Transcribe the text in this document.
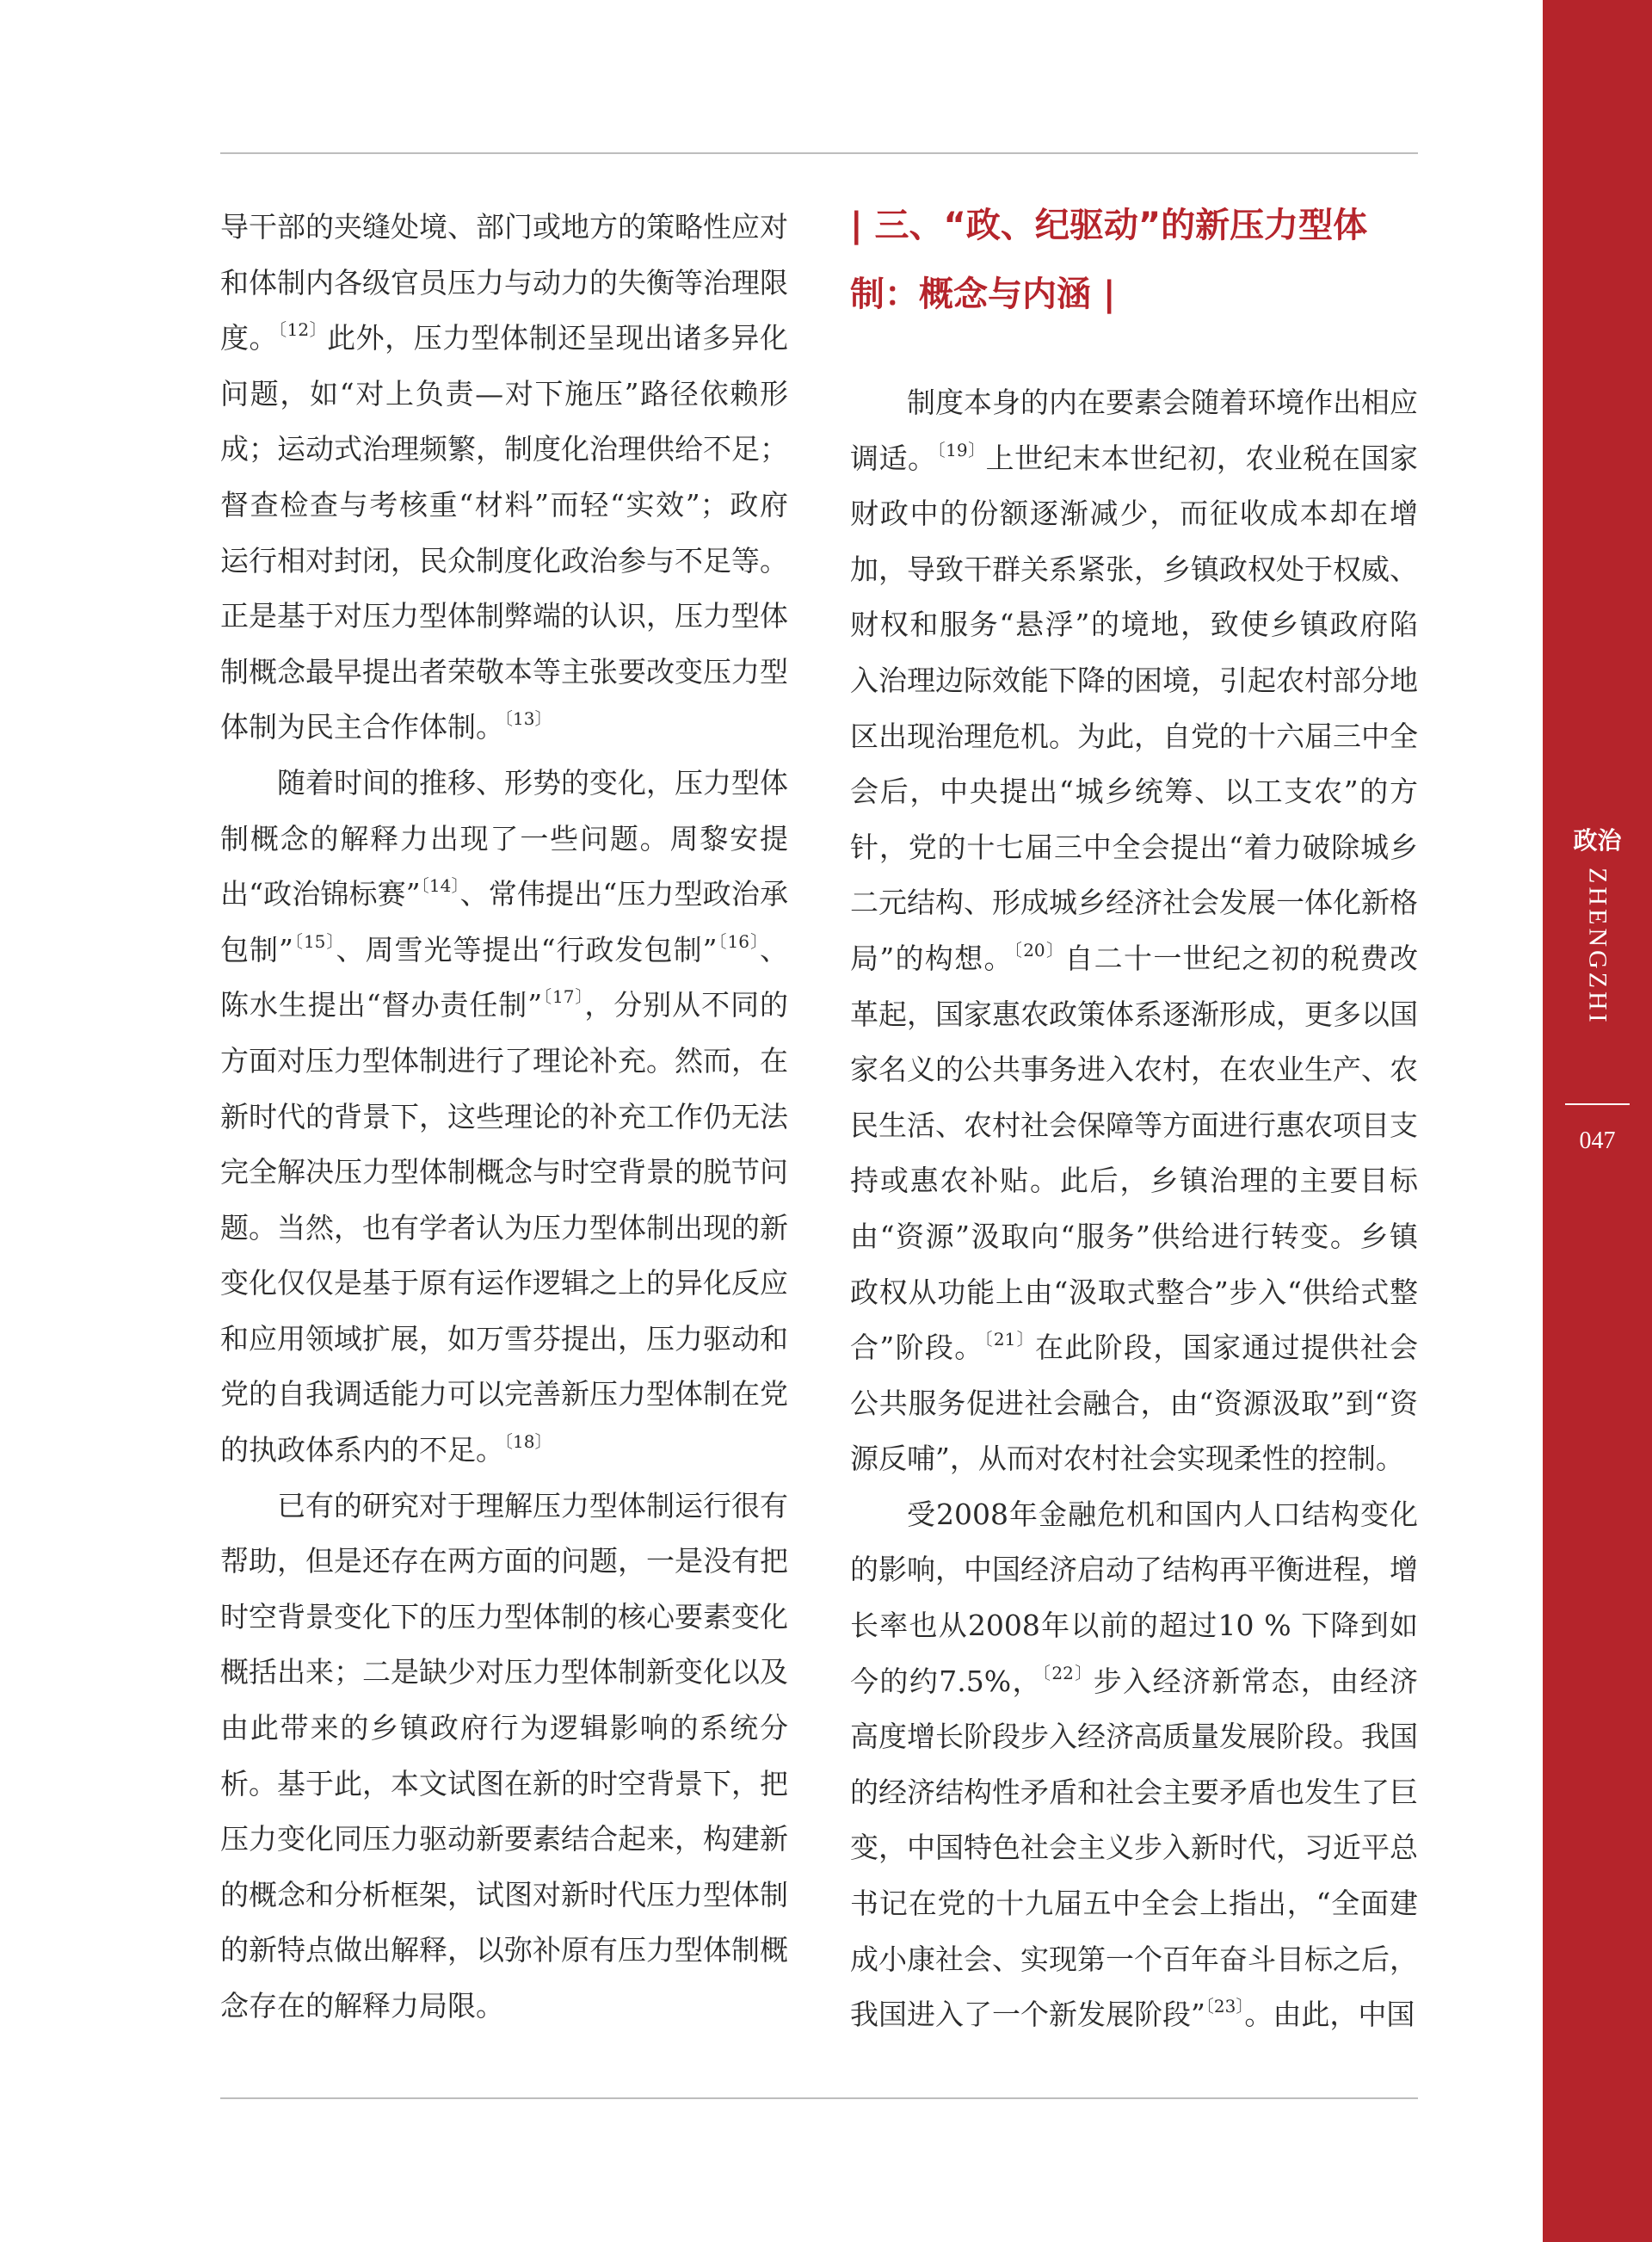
政治
ZHENGZHI
047

导干部的夹缝处境、部门或地方的策略性应对和体制内各级官员压力与动力的失衡等治理限度。$^{〔12〕}$此外，压力型体制还呈现出诸多异化问题，如“对上负责—对下施压”路径依赖形成；运动式治理频繁，制度化治理供给不足；督查检查与考核重“材料”而轻“实效”；政府运行相对封闭，民众制度化政治参与不足等。正是基于对压力型体制弊端的认识，压力型体制概念最早提出者荣敬本等主张要改变压力型体制为民主合作体制。$^{〔13〕}$

随着时间的推移、形势的变化，压力型体制概念的解释力出现了一些问题。周黎安提出“政治锦标赛”$^{〔14〕}$、常伟提出“压力型政治承包制”$^{〔15〕}$、周雪光等提出“行政发包制”$^{〔16〕}$、陈水生提出“督办责任制”$^{〔17〕}$，分别从不同的方面对压力型体制进行了理论补充。然而，在新时代的背景下，这些理论的补充工作仍无法完全解决压力型体制概念与时空背景的脱节问题。当然，也有学者认为压力型体制出现的新变化仅仅是基于原有运作逻辑之上的异化反应和应用领域扩展，如万雪芬提出，压力驱动和党的自我调适能力可以完善新压力型体制在党的执政体系内的不足。$^{〔18〕}$

已有的研究对于理解压力型体制运行很有帮助，但是还存在两方面的问题，一是没有把时空背景变化下的压力型体制的核心要素变化概括出来；二是缺少对压力型体制新变化以及由此带来的乡镇政府行为逻辑影响的系统分析。基于此，本文试图在新的时空背景下，把压力变化同压力驱动新要素结合起来，构建新的概念和分析框架，试图对新时代压力型体制的新特点做出解释，以弥补原有压力型体制概念存在的解释力局限。

| 三、“政、纪驱动”的新压力型体制：概念与内涵 |

制度本身的内在要素会随着环境作出相应调适。$^{〔19〕}$上世纪末本世纪初，农业税在国家财政中的份额逐渐减少，而征收成本却在增加，导致干群关系紧张，乡镇政权处于权威、财权和服务“悬浮”的境地，致使乡镇政府陷入治理边际效能下降的困境，引起农村部分地区出现治理危机。为此，自党的十六届三中全会后，中央提出“城乡统筹、以工支农”的方针，党的十七届三中全会提出“着力破除城乡二元结构、形成城乡经济社会发展一体化新格局”的构想。$^{〔20〕}$自二十一世纪之初的税费改革起，国家惠农政策体系逐渐形成，更多以国家名义的公共事务进入农村，在农业生产、农民生活、农村社会保障等方面进行惠农项目支持或惠农补贴。此后，乡镇治理的主要目标由“资源”汲取向“服务”供给进行转变。乡镇政权从功能上由“汲取式整合”步入“供给式整合”阶段。$^{〔21〕}$在此阶段，国家通过提供社会公共服务促进社会融合，由“资源汲取”到“资源反哺”，从而对农村社会实现柔性的控制。

受2008年金融危机和国内人口结构变化的影响，中国经济启动了结构再平衡进程，增长率也从2008年以前的超过10 % 下降到如今的约7.5%，$^{〔22〕}$步入经济新常态，由经济高度增长阶段步入经济高质量发展阶段。我国的经济结构性矛盾和社会主要矛盾也发生了巨变，中国特色社会主义步入新时代，习近平总书记在党的十九届五中全会上指出，“全面建成小康社会、实现第一个百年奋斗目标之后，我国进入了一个新发展阶段”$^{〔23〕}$。由此，中国
